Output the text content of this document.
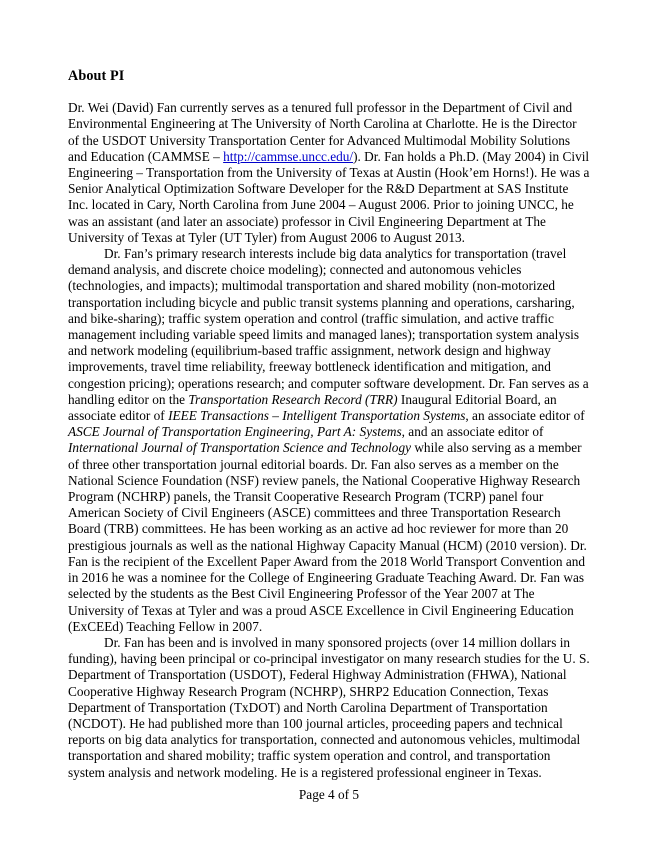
About PI

Dr. Wei (David) Fan currently serves as a tenured full professor in the Department of Civil and Environmental Engineering at The University of North Carolina at Charlotte. He is the Director of the USDOT University Transportation Center for Advanced Multimodal Mobility Solutions and Education (CAMMSE – http://cammse.uncc.edu/). Dr. Fan holds a Ph.D. (May 2004) in Civil Engineering – Transportation from the University of Texas at Austin (Hook’em Horns!). He was a Senior Analytical Optimization Software Developer for the R&D Department at SAS Institute Inc. located in Cary, North Carolina from June 2004 – August 2006. Prior to joining UNCC, he was an assistant (and later an associate) professor in Civil Engineering Department at The University of Texas at Tyler (UT Tyler) from August 2006 to August 2013.

Dr. Fan’s primary research interests include big data analytics for transportation (travel demand analysis, and discrete choice modeling); connected and autonomous vehicles (technologies, and impacts); multimodal transportation and shared mobility (non-motorized transportation including bicycle and public transit systems planning and operations, carsharing, and bike-sharing); traffic system operation and control (traffic simulation, and active traffic management including variable speed limits and managed lanes); transportation system analysis and network modeling (equilibrium-based traffic assignment, network design and highway improvements, travel time reliability, freeway bottleneck identification and mitigation, and congestion pricing); operations research; and computer software development. Dr. Fan serves as a handling editor on the Transportation Research Record (TRR) Inaugural Editorial Board, an associate editor of IEEE Transactions – Intelligent Transportation Systems, an associate editor of ASCE Journal of Transportation Engineering, Part A: Systems, and an associate editor of International Journal of Transportation Science and Technology while also serving as a member of three other transportation journal editorial boards. Dr. Fan also serves as a member on the National Science Foundation (NSF) review panels, the National Cooperative Highway Research Program (NCHRP) panels, the Transit Cooperative Research Program (TCRP) panel four American Society of Civil Engineers (ASCE) committees and three Transportation Research Board (TRB) committees. He has been working as an active ad hoc reviewer for more than 20 prestigious journals as well as the national Highway Capacity Manual (HCM) (2010 version). Dr. Fan is the recipient of the Excellent Paper Award from the 2018 World Transport Convention and in 2016 he was a nominee for the College of Engineering Graduate Teaching Award. Dr. Fan was selected by the students as the Best Civil Engineering Professor of the Year 2007 at The University of Texas at Tyler and was a proud ASCE Excellence in Civil Engineering Education (ExCEEd) Teaching Fellow in 2007.

Dr. Fan has been and is involved in many sponsored projects (over 14 million dollars in funding), having been principal or co-principal investigator on many research studies for the U. S. Department of Transportation (USDOT), Federal Highway Administration (FHWA), National Cooperative Highway Research Program (NCHRP), SHRP2 Education Connection, Texas Department of Transportation (TxDOT) and North Carolina Department of Transportation (NCDOT). He had published more than 100 journal articles, proceeding papers and technical reports on big data analytics for transportation, connected and autonomous vehicles, multimodal transportation and shared mobility; traffic system operation and control, and transportation system analysis and network modeling. He is a registered professional engineer in Texas.

Page 4 of 5
